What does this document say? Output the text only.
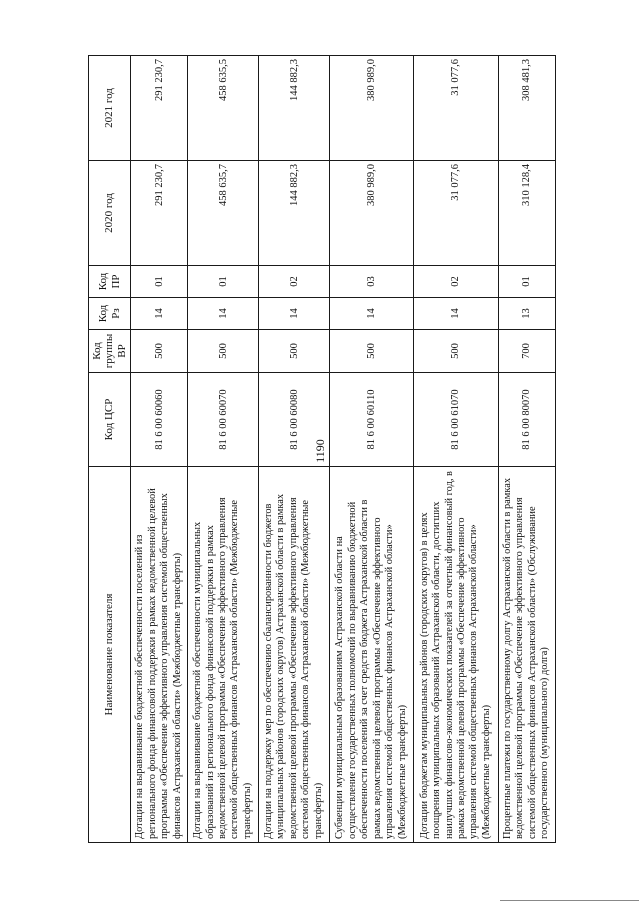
1190
Наименование показателя	Код ЦСР	Код группы ВР	Код Рз	Код ПР	2020 год	2021 год
Дотации на выравнивание бюджетной обеспеченности поселений из регионального фонда финансовой поддержки в рамках ведомственной целевой программы «Обеспечение эффективного управления системой общественных финансов Астраханской области» (Межбюджетные трансферты)	81 6 00 60060	500	14	01	291 230,7	291 230,7
Дотации на выравнивание бюджетной обеспеченности муниципальных образований из регионального фонда финансовой поддержки в рамках ведомственной целевой программы «Обеспечение эффективного управления системой общественных финансов Астраханской области» (Межбюджетные трансферты)	81 6 00 60070	500	14	01	458 635,7	458 635,5
Дотации на поддержку мер по обеспечению сбалансированности бюджетов муниципальных районов (городских округов) Астраханской области в рамках ведомственной целевой программы «Обеспечение эффективного управления системой общественных финансов Астраханской области» (Межбюджетные трансферты)	81 6 00 60080	500	14	02	144 882,3	144 882,3
Субвенции муниципальным образованиям Астраханской области на осуществление государственных полномочий по выравниванию бюджетной обеспеченности поселений за счет средств бюджета Астраханской области в рамках ведомственной целевой программы «Обеспечение эффективного управления системой общественных финансов Астраханской области» (Межбюджетные трансферты)	81 6 00 60110	500	14	03	380 989,0	380 989,0
Дотации бюджетам муниципальных районов (городских округов) в целях поощрения муниципальных образований Астраханской области, достигших наилучших финансово-экономических показателей за отчетный финансовый год, в рамках ведомственной целевой программы «Обеспечение эффективного управления системой общественных финансов Астраханской области» (Межбюджетные трансферты)	81 6 00 61070	500	14	02	31 077,6	31 077,6
Процентные платежи по государственному долгу Астраханской области в рамках ведомственной целевой программы «Обеспечение эффективного управления системой общественных финансов Астраханской области» (Обслуживание государственного (муниципального) долга)	81 6 00 80070	700	13	01	310 128,4	308 481,3
